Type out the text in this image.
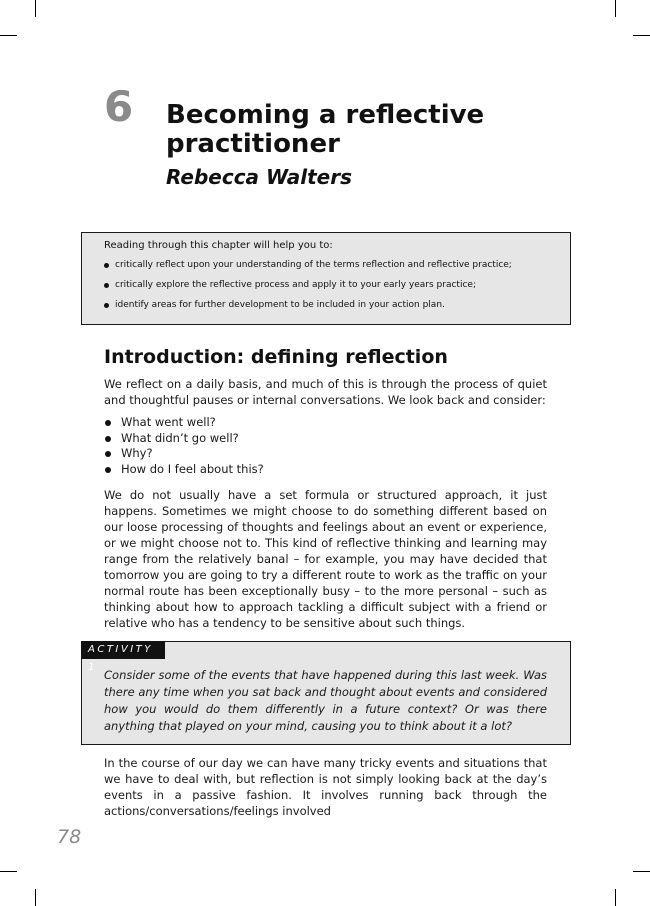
6 Becoming a reflective practitioner
Rebecca Walters

Reading through this chapter will help you to:

critically reflect upon your understanding of the terms reflection and reflective practice;
critically explore the reflective process and apply it to your early years practice;
identify areas for further development to be included in your action plan.
Introduction: defining reflection

We reflect on a daily basis, and much of this is through the process of quiet and thoughtful pauses or internal conversations. We look back and consider:

What went well?
What didn’t go well?
Why?
How do I feel about this?

We do not usually have a set formula or structured approach, it just happens. Sometimes we might choose to do something different based on our loose processing of thoughts and feelings about an event or experience, or we might choose not to. This kind of reflective thinking and learning may range from the relatively banal – for example, you may have decided that tomorrow you are going to try a different route to work as the traffic on your normal route has been exceptionally busy – to the more personal – such as thinking about how to approach tackling a difficult subject with a friend or relative who has a tendency to be sensitive about such things.

ACTIVITY 1

Consider some of the events that have happened during this last week. Was there any time when you sat back and thought about events and considered how you would do them differently in a future context? Or was there anything that played on your mind, causing you to think about it a lot?

In the course of our day we can have many tricky events and situations that we have to deal with, but reflection is not simply looking back at the day’s events in a passive fashion. It involves running back through the actions/conversations/feelings involved

78
